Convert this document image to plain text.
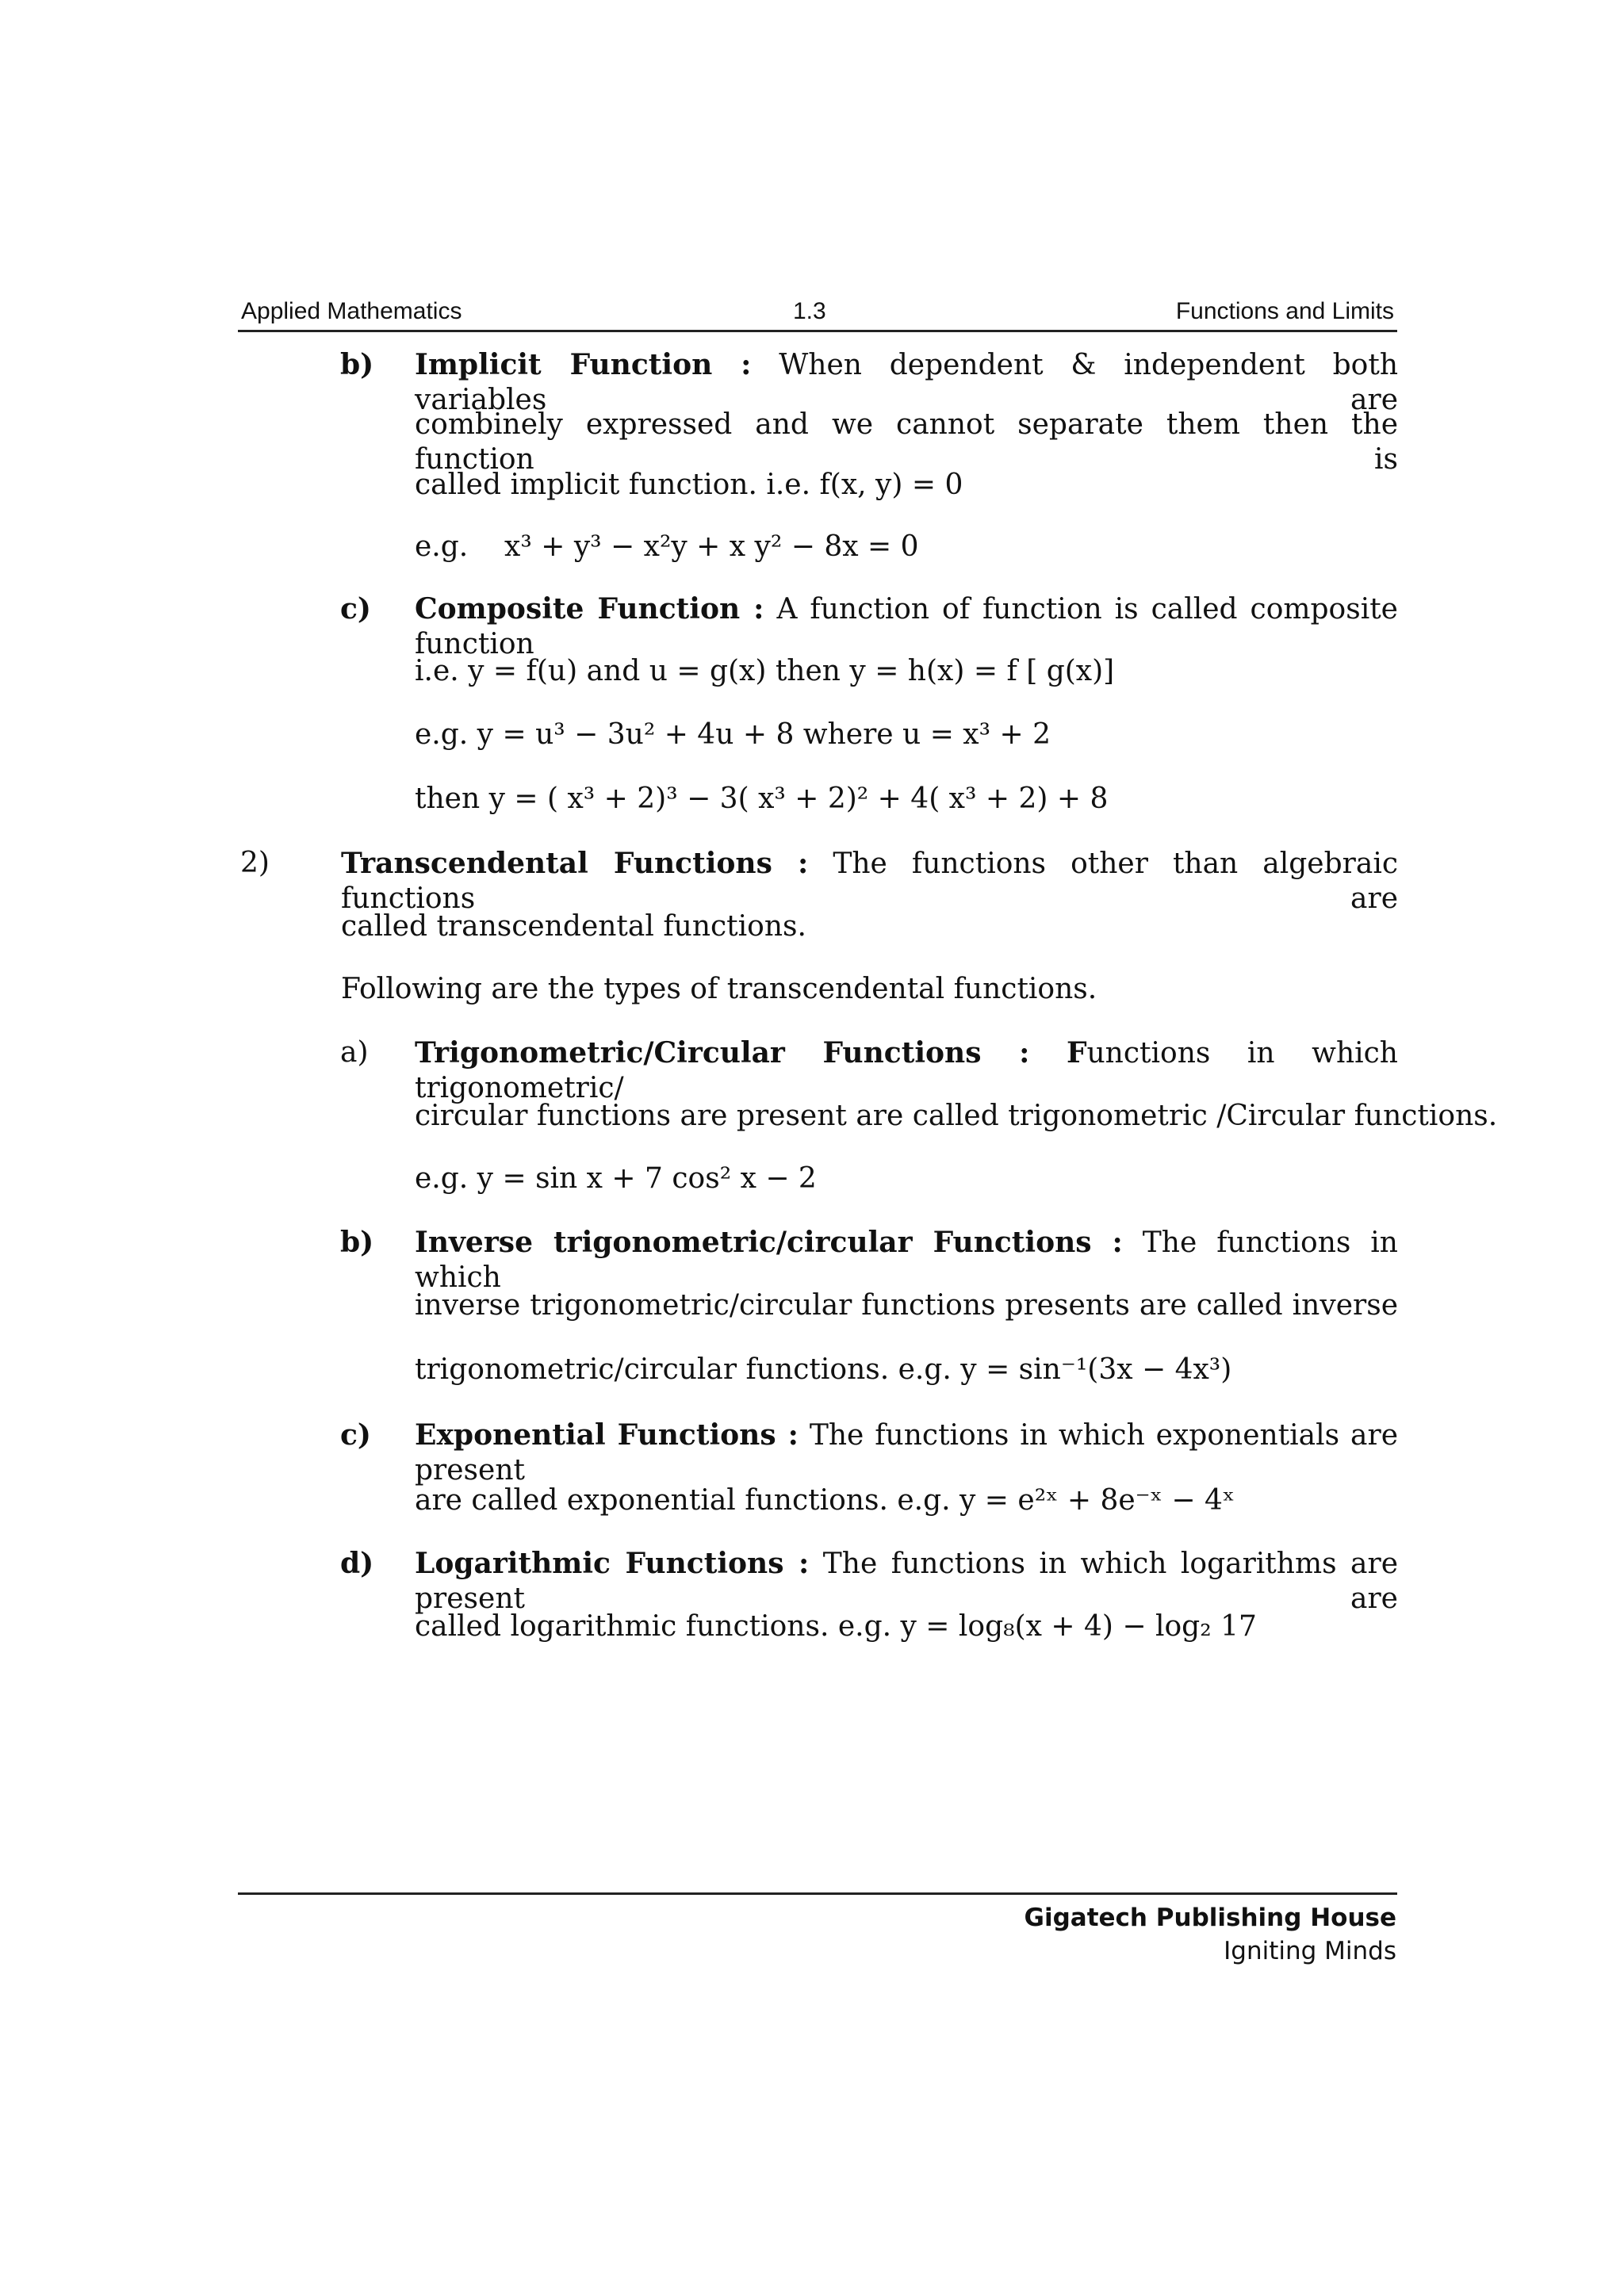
Applied Mathematics	1.3	Functions and Limits
b) Implicit Function : When dependent & independent both variables are
combinely expressed and we cannot separate them then the function is
called implicit function. i.e. f(x, y) = 0
e.g. x³ + y³ − x²y + x y² − 8x = 0
c) Composite Function : A function of function is called composite function
i.e. y = f(u) and u = g(x) then y = h(x) = f [ g(x)]
e.g. y = u³ − 3u² + 4u + 8 where u = x³ + 2
then y = ( x³ + 2)³ − 3( x³ + 2)² + 4( x³ + 2) + 8
2)	Transcendental Functions : The functions other than algebraic functions are
called transcendental functions.
Following are the types of transcendental functions.
a) Trigonometric/Circular Functions : Functions in which trigonometric/
circular functions are present are called trigonometric /Circular functions.
e.g. y = sin x + 7 cos² x − 2
b) Inverse trigonometric/circular Functions : The functions in which
inverse trigonometric/circular functions presents are called inverse
trigonometric/circular functions. e.g. y = sin⁻¹(3x − 4x³)
c) Exponential Functions : The functions in which exponentials are present
are called exponential functions. e.g. y = e²ˣ + 8e⁻ˣ − 4ˣ
d) Logarithmic Functions : The functions in which logarithms are present are
called logarithmic functions. e.g. y = log₈(x + 4) − log₂ 17
Gigatech Publishing House
Igniting Minds
